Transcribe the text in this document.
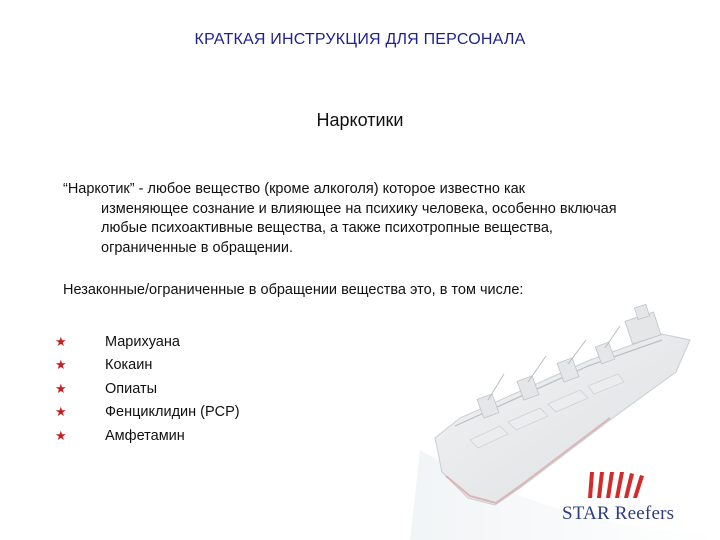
КРАТКАЯ ИНСТРУКЦИЯ ДЛЯ ПЕРСОНАЛА
Наркотики
“Наркотик” - любое вещество (кроме алкоголя) которое известно как
изменяющее сознание и влияющее на психику человека, особенно включая любые психоактивные вещества, а также психотропные вещества, ограниченные в обращении.
Незаконные/ограниченные в обращении вещества это, в том числе:
★	Марихуана
★	Кокаин
★	Опиаты
★	Фенциклидин (PCP)
★	Амфетамин
STAR Reefers
